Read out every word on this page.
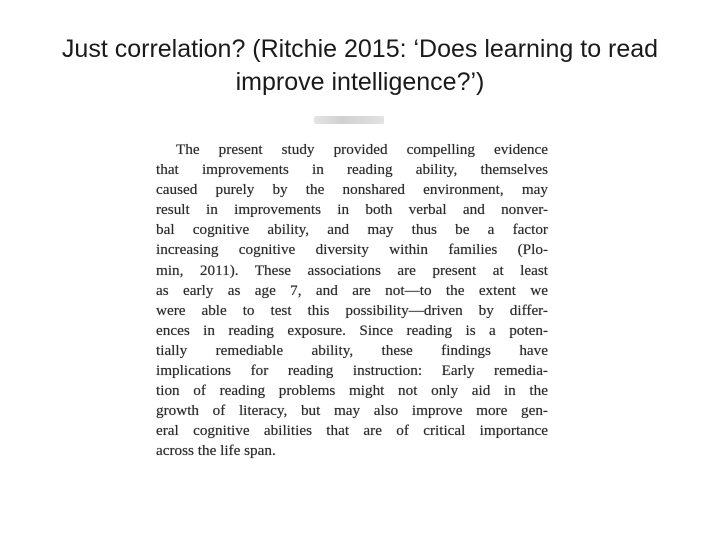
Just correlation? (Ritchie 2015: ‘Does learning to read improve intelligence?’)
The present study provided compelling evidence
that improvements in reading ability, themselves
caused purely by the nonshared environment, may
result in improvements in both verbal and nonver-
bal cognitive ability, and may thus be a factor
increasing cognitive diversity within families (Plo-
min, 2011). These associations are present at least
as early as age 7, and are not—to the extent we
were able to test this possibility—driven by differ-
ences in reading exposure. Since reading is a poten-
tially remediable ability, these findings have
implications for reading instruction: Early remedia-
tion of reading problems might not only aid in the
growth of literacy, but may also improve more gen-
eral cognitive abilities that are of critical importance
across the life span.
